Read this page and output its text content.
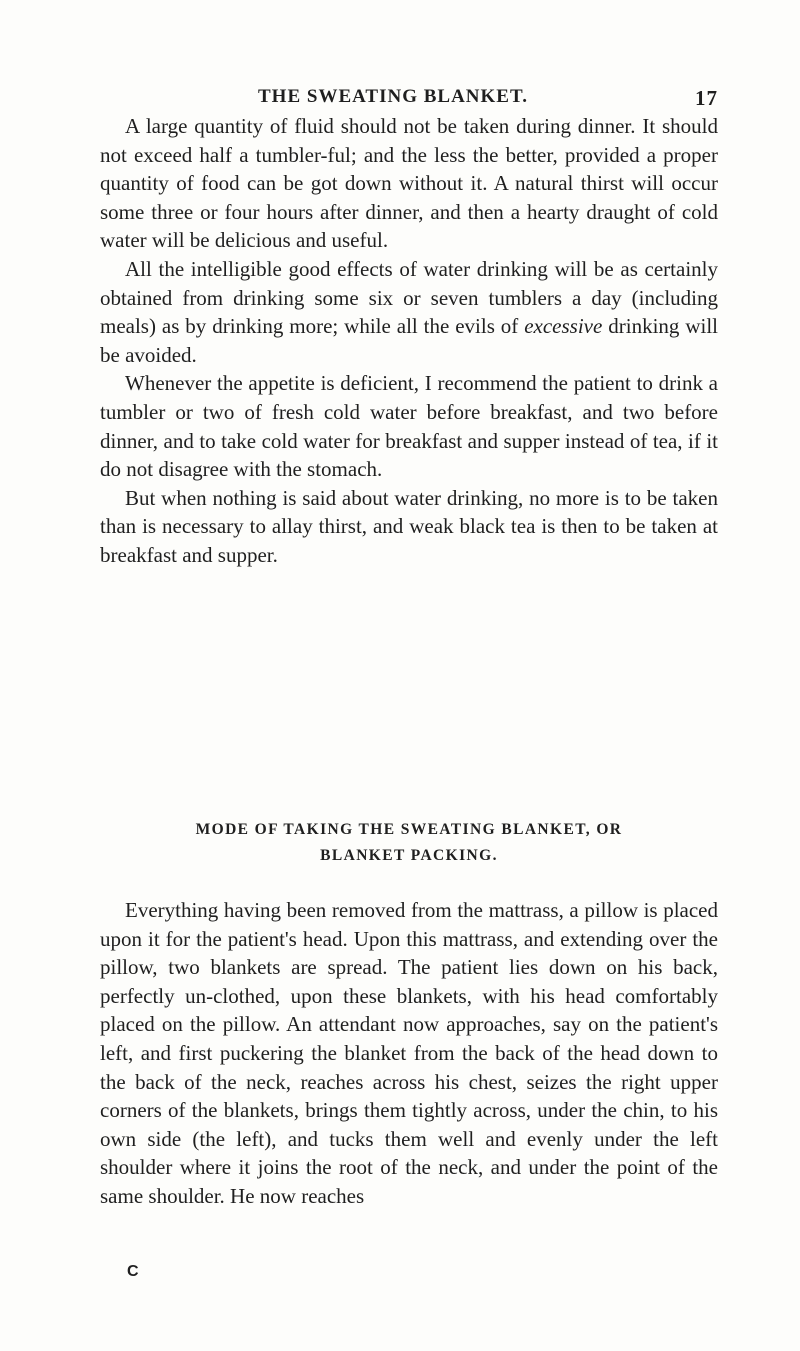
THE SWEATING BLANKET.	17

A large quantity of fluid should not be taken during dinner. It should not exceed half a tumbler-ful; and the less the better, provided a proper quantity of food can be got down without it. A natural thirst will occur some three or four hours after dinner, and then a hearty draught of cold water will be delicious and useful.

All the intelligible good effects of water drinking will be as certainly obtained from drinking some six or seven tumblers a day (including meals) as by drinking more; while all the evils of excessive drinking will be avoided.

Whenever the appetite is deficient, I recommend the patient to drink a tumbler or two of fresh cold water before breakfast, and two before dinner, and to take cold water for breakfast and supper instead of tea, if it do not disagree with the stomach.

But when nothing is said about water drinking, no more is to be taken than is necessary to allay thirst, and weak black tea is then to be taken at breakfast and supper.

MODE OF TAKING THE SWEATING BLANKET, OR
BLANKET PACKING.

Everything having been removed from the mattrass, a pillow is placed upon it for the patient's head. Upon this mattrass, and extending over the pillow, two blankets are spread. The patient lies down on his back, perfectly un-clothed, upon these blankets, with his head comfortably placed on the pillow. An attendant now approaches, say on the patient's left, and first puckering the blanket from the back of the head down to the back of the neck, reaches across his chest, seizes the right upper corners of the blankets, brings them tightly across, under the chin, to his own side (the left), and tucks them well and evenly under the left shoulder where it joins the root of the neck, and under the point of the same shoulder. He now reaches

C
